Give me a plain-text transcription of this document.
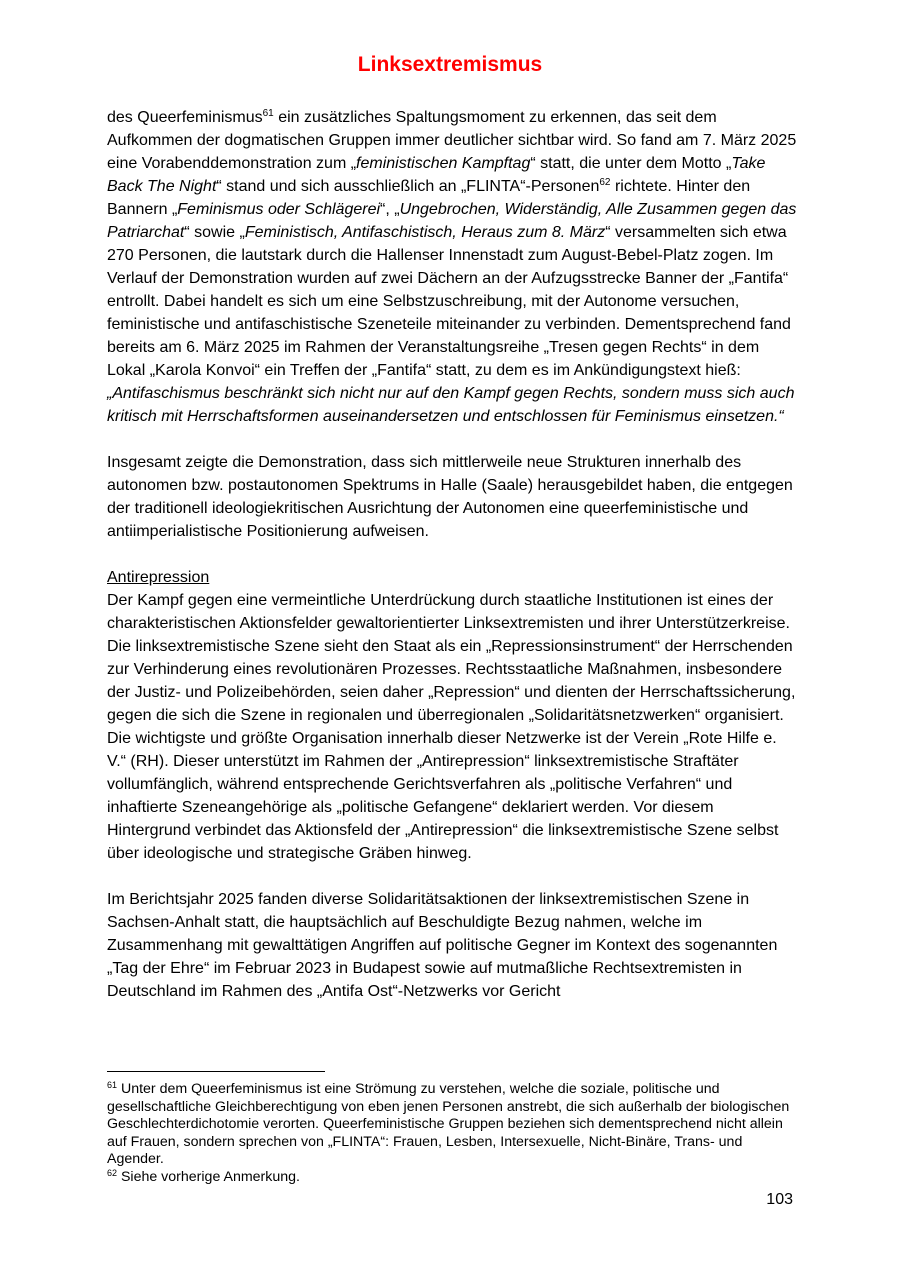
Linksextremismus

des Queerfeminismus$^{61}$ ein zusätzliches Spaltungsmoment zu erkennen, das seit dem Aufkommen der dogmatischen Gruppen immer deutlicher sichtbar wird. So fand am 7. März 2025 eine Vorabenddemonstration zum „feministischen Kampftag“ statt, die unter dem Motto „Take Back The Night“ stand und sich ausschließlich an „FLINTA“-Personen$^{62}$ richtete. Hinter den Bannern „Feminismus oder Schlägerei“, „Ungebrochen, Widerständig, Alle Zusammen gegen das Patriarchat“ sowie „Feministisch, Antifaschistisch, Heraus zum 8. März“ versammelten sich etwa 270 Personen, die lautstark durch die Hallenser Innenstadt zum August-Bebel-Platz zogen. Im Verlauf der Demonstration wurden auf zwei Dächern an der Aufzugsstrecke Banner der „Fantifa“ entrollt. Dabei handelt es sich um eine Selbstzuschreibung, mit der Autonome versuchen, feministische und antifaschistische Szeneteile miteinander zu verbinden. Dementsprechend fand bereits am 6. März 2025 im Rahmen der Veranstaltungsreihe „Tresen gegen Rechts“ in dem Lokal „Karola Konvoi“ ein Treffen der „Fantifa“ statt, zu dem es im Ankündigungstext hieß: „Antifaschismus beschränkt sich nicht nur auf den Kampf gegen Rechts, sondern muss sich auch kritisch mit Herrschaftsformen auseinandersetzen und entschlossen für Feminismus einsetzen.“

Insgesamt zeigte die Demonstration, dass sich mittlerweile neue Strukturen innerhalb des autonomen bzw. postautonomen Spektrums in Halle (Saale) herausgebildet haben, die entgegen der traditionell ideologiekritischen Ausrichtung der Autonomen eine queerfeministische und antiimperialistische Positionierung aufweisen.

Antirepression

Der Kampf gegen eine vermeintliche Unterdrückung durch staatliche Institutionen ist eines der charakteristischen Aktionsfelder gewaltorientierter Linksextremisten und ihrer Unterstützerkreise. Die linksextremistische Szene sieht den Staat als ein „Repressionsinstrument“ der Herrschenden zur Verhinderung eines revolutionären Prozesses. Rechtsstaatliche Maßnahmen, insbesondere der Justiz- und Polizeibehörden, seien daher „Repression“ und dienten der Herrschaftssicherung, gegen die sich die Szene in regionalen und überregionalen „Solidaritätsnetzwerken“ organisiert. Die wichtigste und größte Organisation innerhalb dieser Netzwerke ist der Verein „Rote Hilfe e. V.“ (RH). Dieser unterstützt im Rahmen der „Antirepression“ linksextremistische Straftäter vollumfänglich, während entsprechende Gerichtsverfahren als „politische Verfahren“ und inhaftierte Szeneangehörige als „politische Gefangene“ deklariert werden. Vor diesem Hintergrund verbindet das Aktionsfeld der „Antirepression“ die linksextremistische Szene selbst über ideologische und strategische Gräben hinweg.

Im Berichtsjahr 2025 fanden diverse Solidaritätsaktionen der linksextremistischen Szene in Sachsen-Anhalt statt, die hauptsächlich auf Beschuldigte Bezug nahmen, welche im Zusammenhang mit gewalttätigen Angriffen auf politische Gegner im Kontext des sogenannten „Tag der Ehre“ im Februar 2023 in Budapest sowie auf mutmaßliche Rechtsextremisten in Deutschland im Rahmen des „Antifa Ost“-Netzwerks vor Gericht

$^{61}$ Unter dem Queerfeminismus ist eine Strömung zu verstehen, welche die soziale, politische und gesellschaftliche Gleichberechtigung von eben jenen Personen anstrebt, die sich außerhalb der biologischen Geschlechterdichotomie verorten. Queerfeministische Gruppen beziehen sich dementsprechend nicht allein auf Frauen, sondern sprechen von „FLINTA“: Frauen, Lesben, Intersexuelle, Nicht-Binäre, Trans- und Agender.

$^{62}$ Siehe vorherige Anmerkung.

103
